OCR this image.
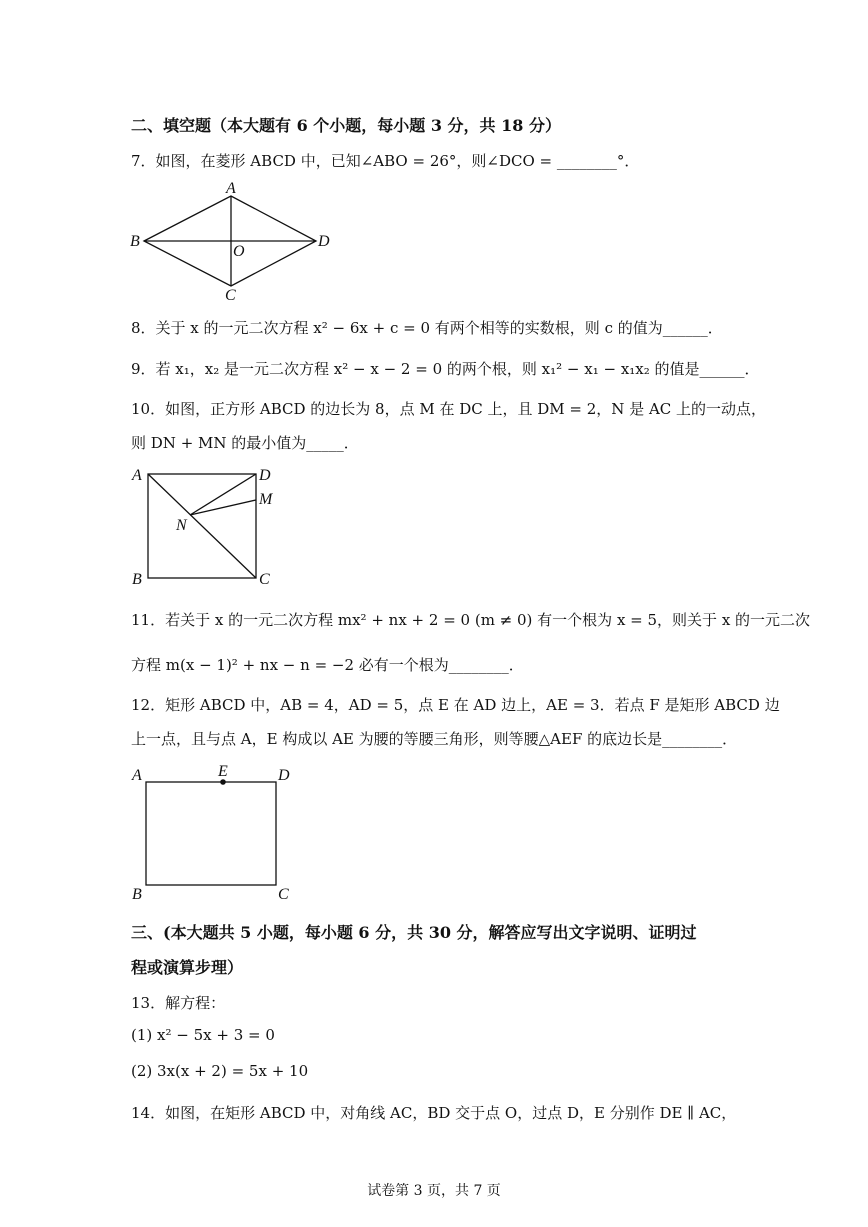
二、填空题（本大题有 6 个小题，每小题 3 分，共 18 分）
7．如图，在菱形 ABCD 中，已知∠ABO = 26°，则∠DCO = ________°．
A
B
C
D
O
8．关于 x 的一元二次方程 x² − 6x + c = 0 有两个相等的实数根，则 c 的值为______．
9．若 x₁，x₂ 是一元二次方程 x² − x − 2 = 0 的两个根，则 x₁² − x₁ − x₁x₂ 的值是______．
10．如图，正方形 ABCD 的边长为 8，点 M 在 DC 上，且 DM = 2，N 是 AC 上的一动点，
则 DN + MN 的最小值为_____．
A	D
M
N
B	C
11．若关于 x 的一元二次方程 mx² + nx + 2 = 0 (m ≠ 0) 有一个根为 x = 5，则关于 x 的一元二次
方程 m(x − 1)² + nx − n = −2 必有一个根为________．
12．矩形 ABCD 中，AB = 4，AD = 5，点 E 在 AD 边上，AE = 3．若点 F 是矩形 ABCD 边
上一点，且与点 A，E 构成以 AE 为腰的等腰三角形，则等腰△AEF 的底边长是________．
A	E	D
B	C
三、(本大题共 5 小题，每小题 6 分，共 30 分，解答应写出文字说明、证明过
程或演算步理）
13．解方程：
(1) x² − 5x + 3 = 0
(2) 3x(x + 2) = 5x + 10
14．如图，在矩形 ABCD 中，对角线 AC，BD 交于点 O，过点 D，E 分别作 DE ∥ AC，
试卷第 3 页，共 7 页
